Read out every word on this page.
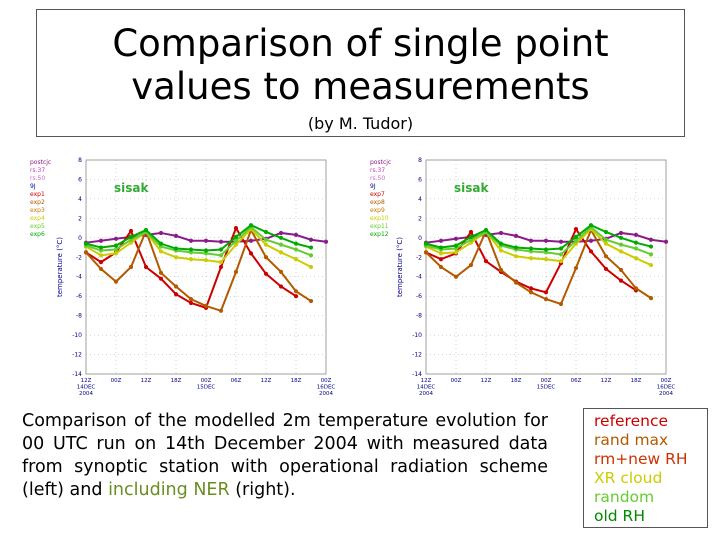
Comparison of single point
values to measurements
(by M. Tudor)
8
6
4
2
0
-2
-4
-6
-8
-10
-12
-14
12Z
14DEC
2004
00Z	12Z	18Z	00Z
15DEC
06Z	12Z	18Z	00Z
16DEC
2004
temperature (°C)
sisak
postcjc
rs.37
rs.50
9J
exp1
exp2
exp3
exp4
exp5
exp6
8
6
4
2
0
-2
-4
-6
-8
-10
-12
-14
12Z
14DEC
2004
00Z	12Z	18Z	00Z
15DEC
06Z	12Z	18Z	00Z
16DEC
2004
temperature (°C)
sisak
postcjc
rs.37
rs.50
9J
exp7
exp8
exp9
exp10
exp11
exp12
Comparison of the modelled 2m temperature evolution for 00 UTC run on 14th December 2004 with measured data from synoptic station with operational radiation scheme (left) and including NER (right).
reference
rand max
rm+new RH
XR cloud
random
old RH
